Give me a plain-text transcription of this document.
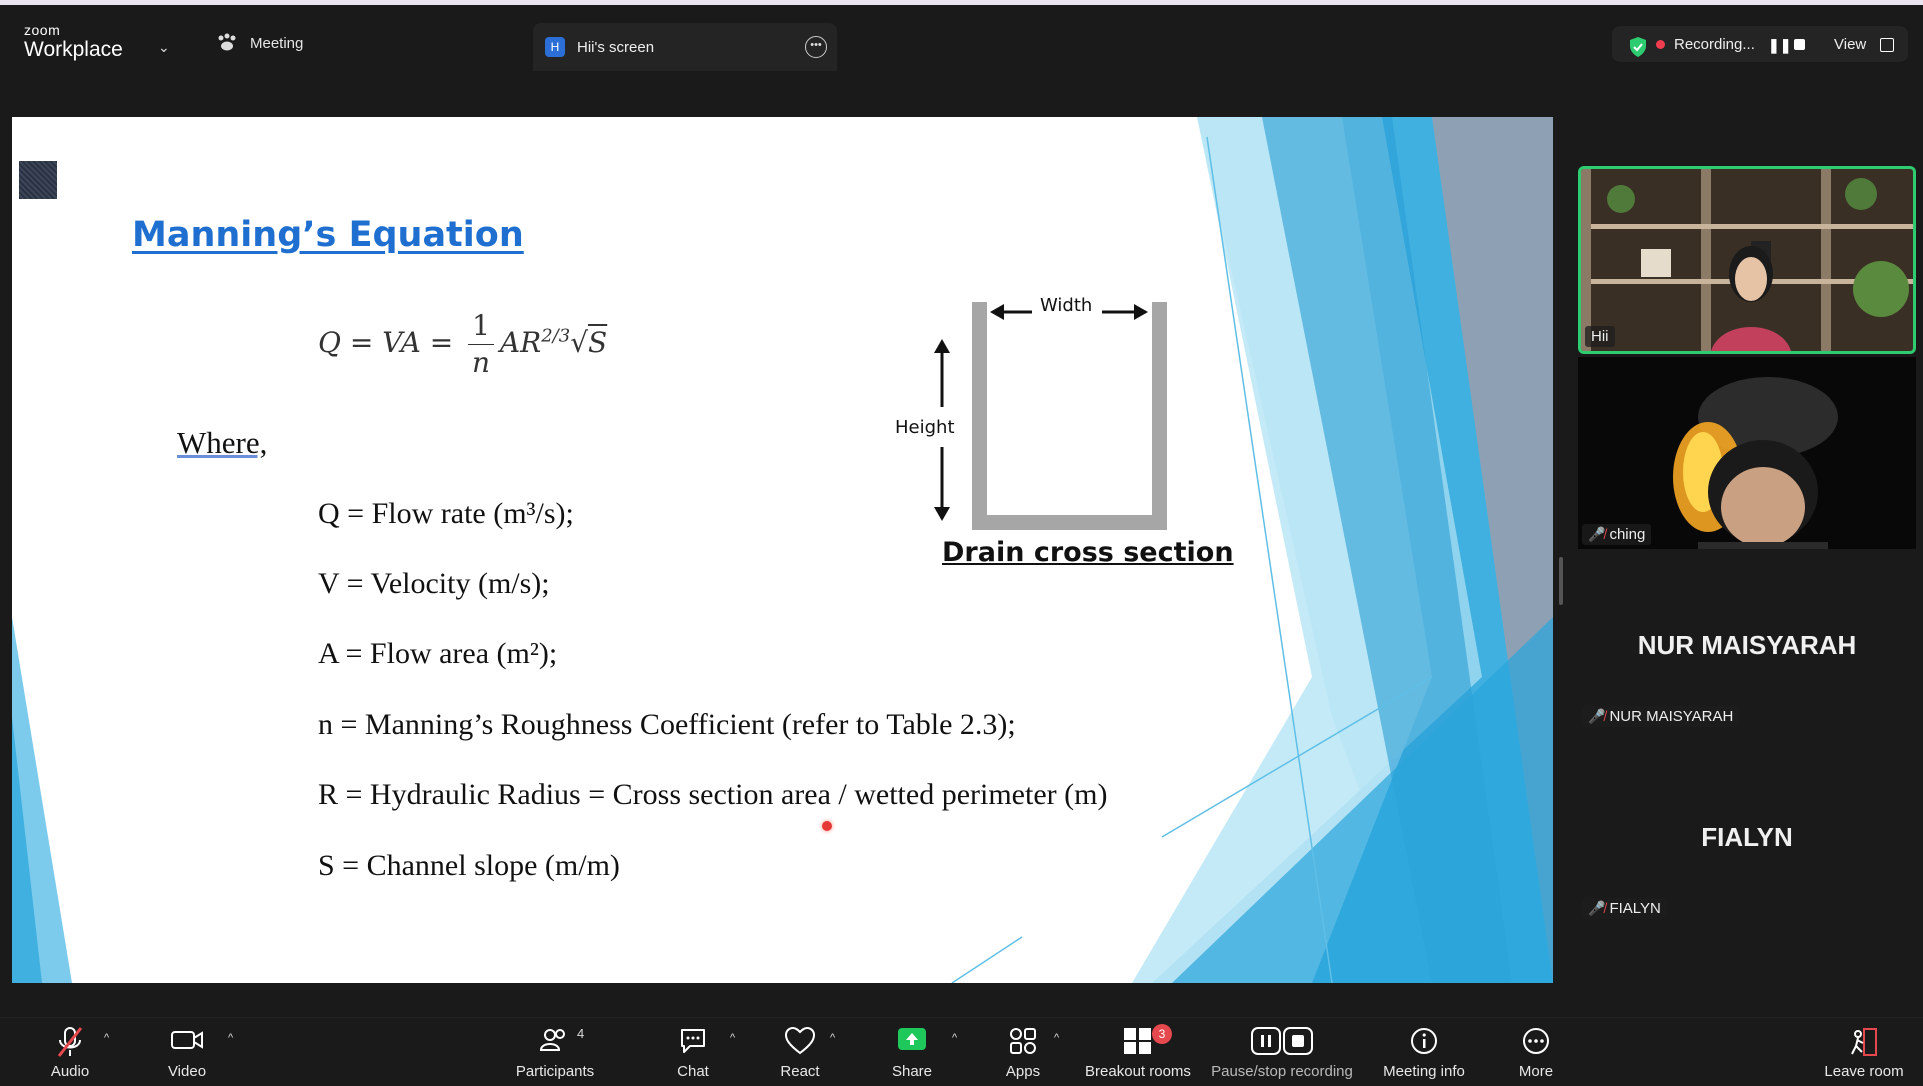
zoom
Workplace	⌄	Meeting	H	Hii's screen	•••	Recording... ❚❚	View
Manning’s Equation
Q = VA = $\frac{1}{n} AR^{2/3}√S$
Where,
Q = Flow rate (m³/s);
V = Velocity (m/s);
A = Flow area (m²);
n = Manning’s Roughness Coefficient (refer to Table 2.3);
R = Hydraulic Radius = Cross section area / wetted perimeter (m)
S = Channel slope (m/m)
Width
Height
Drain cross section
Hii
🎤̸ ching
NUR MAISYARAH
🎤̸ NUR MAISYARAH
FIALYN
🎤̸ FIALYN
Audio
^
Video
^	4
Participants	Chat
^
React
^
Share
^
Apps
^	3
Breakout rooms	Pause/stop recording	Meeting info	More	Leave room
